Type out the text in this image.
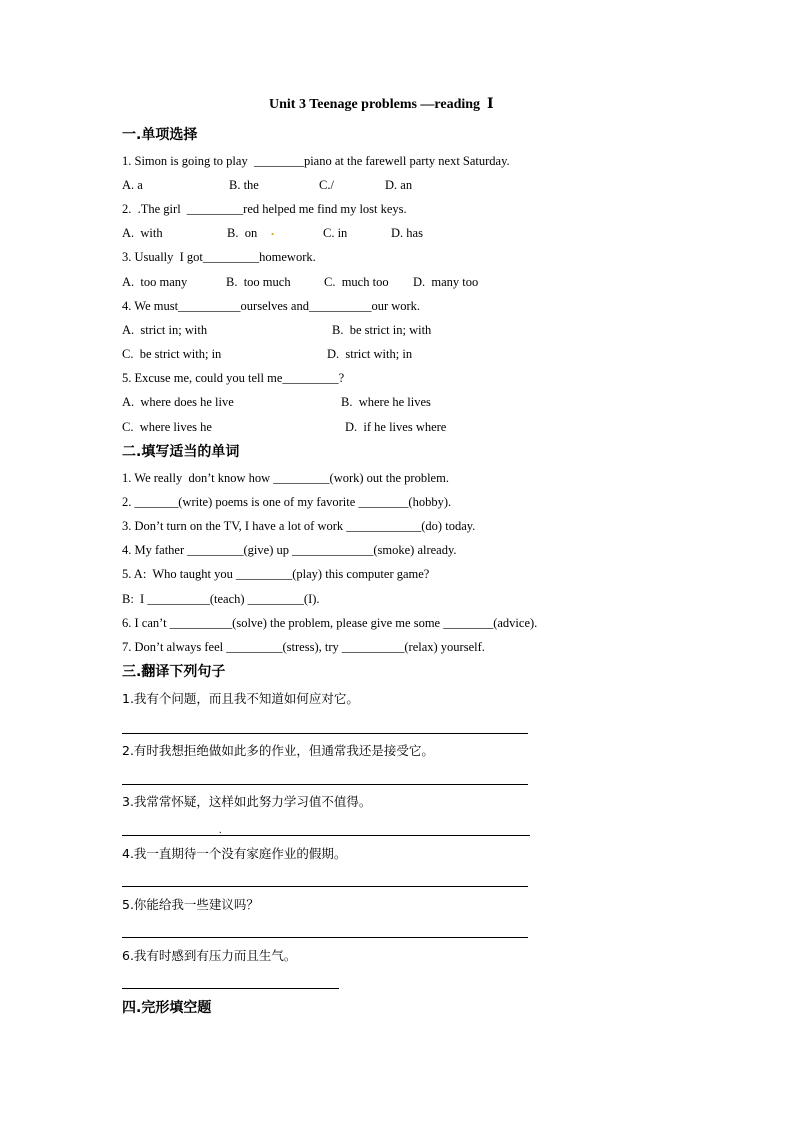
Unit 3 Teenage problems —reading  Ⅰ
一.单项选择
1. Simon is going to play  ________piano at the farewell party next Saturday.
A. a	B. the	C./	D. an
2.  .The girl  _________red helped me find my lost keys.
A.  with	B.  on .	C. in	D. has
3. Usually  I got_________homework.
A.  too many	B.  too much	C.  much too D.  many too
4. We must__________ourselves and__________our work.
A.  strict in; with	B.  be strict in; with
C.  be strict with; in	D.  strict with; in
5. Excuse me, could you tell me_________?
A.  where does he live	B.  where he lives
C.  where lives he	D.  if he lives where
二.填写适当的单词
1. We really  don’t know how _________(work) out the problem.
2. _______(write) poems is one of my favorite ________(hobby).
3. Don’t turn on the TV, I have a lot of work ____________(do) today.
4. My father _________(give) up _____________(smoke) already.
5. A:  Who taught you _________(play) this computer game?
B:  I __________(teach) _________(I).
6. I can’t __________(solve) the problem, please give me some ________(advice).
7. Don’t always feel _________(stress), try __________(relax) yourself.
三.翻译下列句子
1.我有个问题，而且我不知道如何应对它。
2.有时我想拒绝做如此多的作业，但通常我还是接受它。
3.我常常怀疑，这样如此努力学习值不值得。
.
4.我一直期待一个没有家庭作业的假期。
5.你能给我一些建议吗？
6.我有时感到有压力而且生气。
四.完形填空题
